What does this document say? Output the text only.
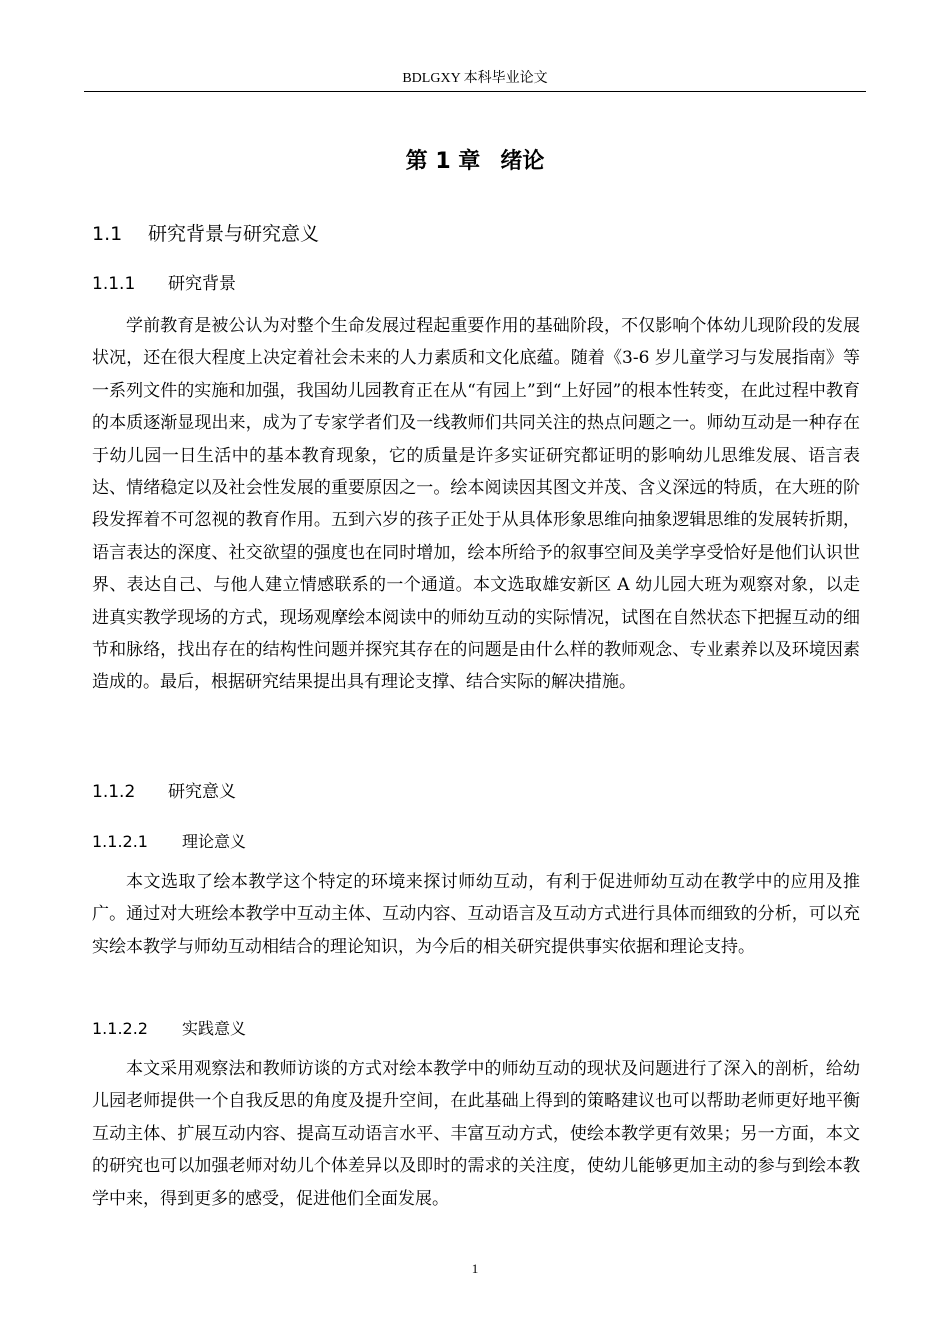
BDLGXY 本科毕业论文
第 1 章 绪论
1.1 研究背景与研究意义
1.1.1 研究背景

学前教育是被公认为对整个生命发展过程起重要作用的基础阶段，不仅影响个体幼儿现阶段的发展状况，还在很大程度上决定着社会未来的人力素质和文化底蕴。随着《3-6 岁儿童学习与发展指南》等一系列文件的实施和加强，我国幼儿园教育正在从“有园上”到“上好园”的根本性转变，在此过程中教育的本质逐渐显现出来，成为了专家学者们及一线教师们共同关注的热点问题之一。师幼互动是一种存在于幼儿园一日生活中的基本教育现象，它的质量是许多实证研究都证明的影响幼儿思维发展、语言表达、情绪稳定以及社会性发展的重要原因之一。绘本阅读因其图文并茂、含义深远的特质，在大班的阶段发挥着不可忽视的教育作用。五到六岁的孩子正处于从具体形象思维向抽象逻辑思维的发展转折期，语言表达的深度、社交欲望的强度也在同时增加，绘本所给予的叙事空间及美学享受恰好是他们认识世界、表达自己、与他人建立情感联系的一个通道。本文选取雄安新区 A 幼儿园大班为观察对象，以走进真实教学现场的方式，现场观摩绘本阅读中的师幼互动的实际情况，试图在自然状态下把握互动的细节和脉络，找出存在的结构性问题并探究其存在的问题是由什么样的教师观念、专业素养以及环境因素造成的。最后，根据研究结果提出具有理论支撑、结合实际的解决措施。

1.1.2 研究意义
1.1.2.1 理论意义

本文选取了绘本教学这个特定的环境来探讨师幼互动，有利于促进师幼互动在教学中的应用及推广。通过对大班绘本教学中互动主体、互动内容、互动语言及互动方式进行具体而细致的分析，可以充实绘本教学与师幼互动相结合的理论知识，为今后的相关研究提供事实依据和理论支持。

1.1.2.2 实践意义

本文采用观察法和教师访谈的方式对绘本教学中的师幼互动的现状及问题进行了深入的剖析，给幼儿园老师提供一个自我反思的角度及提升空间，在此基础上得到的策略建议也可以帮助老师更好地平衡互动主体、扩展互动内容、提高互动语言水平、丰富互动方式，使绘本教学更有效果；另一方面，本文的研究也可以加强老师对幼儿个体差异以及即时的需求的关注度，使幼儿能够更加主动的参与到绘本教学中来，得到更多的感受，促进他们全面发展。

1
